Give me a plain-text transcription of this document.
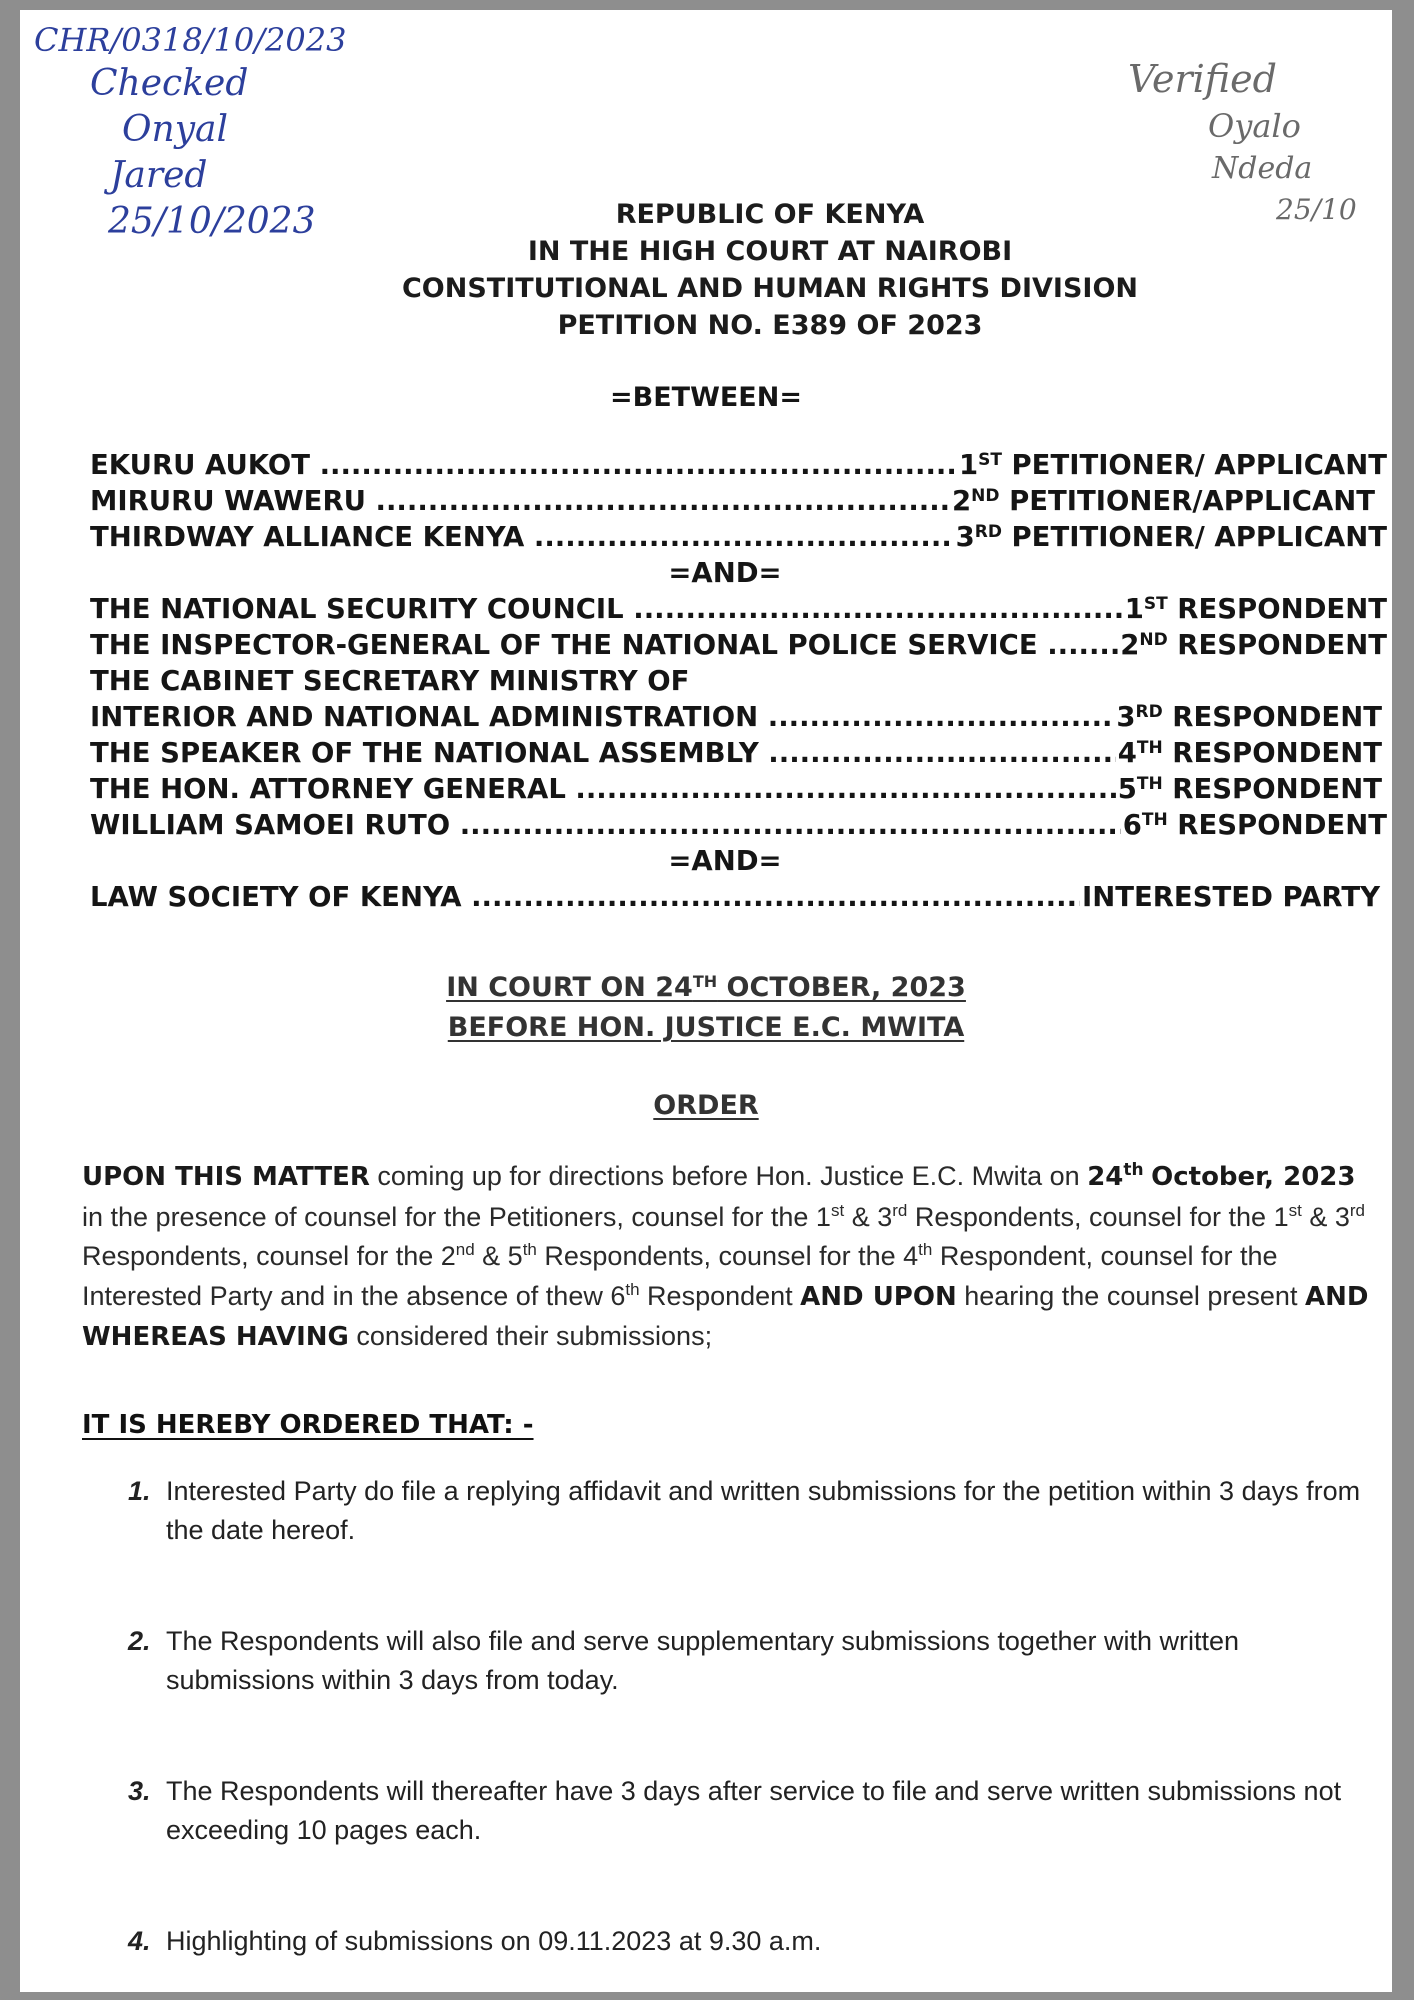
CHR/0318/10/2023
Checked
Onyal
Jared
25/10/2023
Verified
Oyalo
Ndeda
25/10
REPUBLIC OF KENYA
IN THE HIGH COURT AT NAIROBI
CONSTITUTIONAL AND HUMAN RIGHTS DIVISION
PETITION NO. E389 OF 2023
=BETWEEN=
EKURU AUKOT .....	1ST PETITIONER/ APPLICANT
MIRURU WAWERU .....	2ND PETITIONER/APPLICANT
THIRDWAY ALLIANCE KENYA .....	3RD PETITIONER/ APPLICANT
=AND=
THE NATIONAL SECURITY COUNCIL .....	1ST RESPONDENT
THE INSPECTOR-GENERAL OF THE NATIONAL POLICE SERVICE .....	2ND RESPONDENT
THE CABINET SECRETARY MINISTRY OF
INTERIOR AND NATIONAL ADMINISTRATION .....	3RD RESPONDENT
THE SPEAKER OF THE NATIONAL ASSEMBLY .....	4TH RESPONDENT
THE HON. ATTORNEY GENERAL .....	5TH RESPONDENT
WILLIAM SAMOEI RUTO .....	6TH RESPONDENT
=AND=
LAW SOCIETY OF KENYA .....	INTERESTED PARTY
IN COURT ON 24TH OCTOBER, 2023
BEFORE HON. JUSTICE E.C. MWITA
ORDER
UPON THIS MATTER coming up for directions before Hon. Justice E.C. Mwita on 24th October, 2023 in the presence of counsel for the Petitioners, counsel for the 1st & 3rd Respondents, counsel for the 1st & 3rd Respondents, counsel for the 2nd & 5th Respondents, counsel for the 4th Respondent, counsel for the Interested Party and in the absence of thew 6th Respondent AND UPON hearing the counsel present AND WHEREAS HAVING considered their submissions;
IT IS HEREBY ORDERED THAT: -
1. Interested Party do file a replying affidavit and written submissions for the petition within 3 days from the date hereof.
2. The Respondents will also file and serve supplementary submissions together with written submissions within 3 days from today.
3. The Respondents will thereafter have 3 days after service to file and serve written submissions not exceeding 10 pages each.
4. Highlighting of submissions on 09.11.2023 at 9.30 a.m.
